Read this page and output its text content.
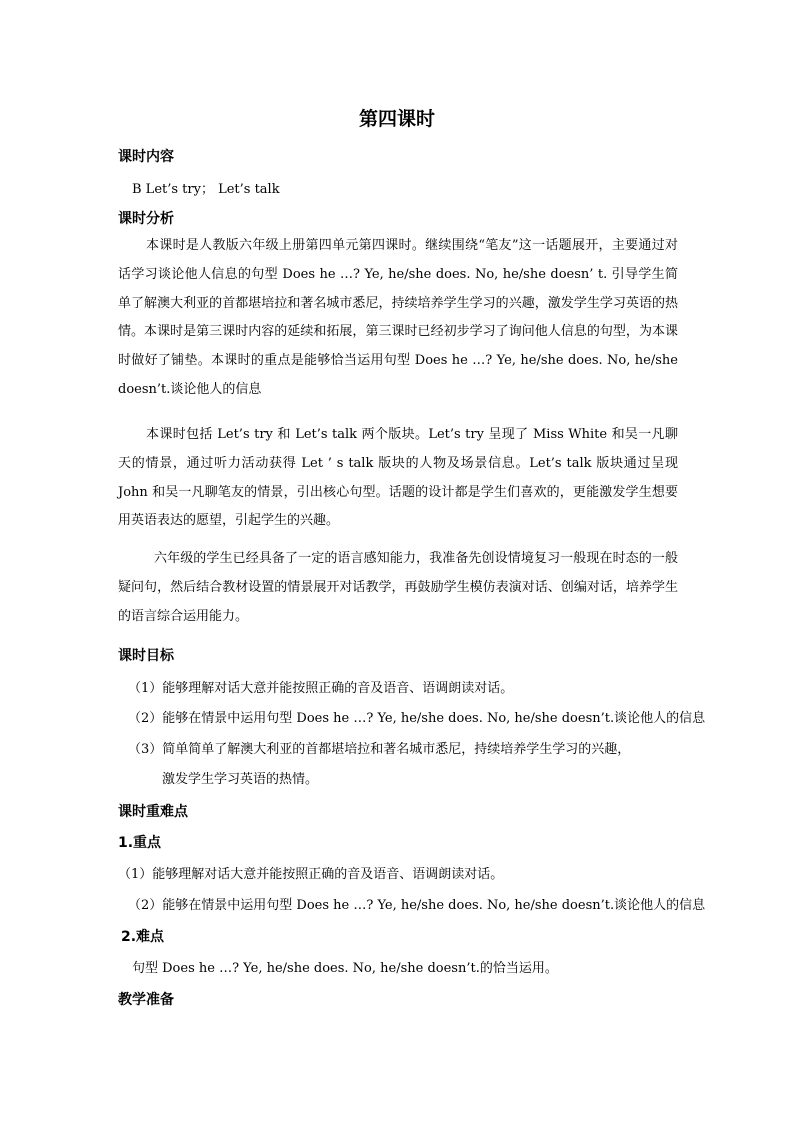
第四课时
课时内容
B Let’s try； Let’s talk
课时分析
本课时是人教版六年级上册第四单元第四课时。继续围绕“笔友”这一话题展开，主要通过对话学习谈论他人信息的句型 Does he …? Ye, he/she does. No, he/she doesn’ t. 引导学生简单了解澳大利亚的首都堪培拉和著名城市悉尼，持续培养学生学习的兴趣，激发学生学习英语的热情。本课时是第三课时内容的延续和拓展，第三课时已经初步学习了询问他人信息的句型，为本课时做好了铺垫。本课时的重点是能够恰当运用句型 Does he …? Ye, he/she does. No, he/she doesn’t.谈论他人的信息
本课时包括 Let’s try 和 Let’s talk 两个版块。Let’s try 呈现了 Miss White 和吴一凡聊天的情景，通过听力活动获得 Let ’ s talk 版块的人物及场景信息。Let’s talk 版块通过呈现 John 和吴一凡聊笔友的情景，引出核心句型。话题的设计都是学生们喜欢的，更能激发学生想要用英语表达的愿望，引起学生的兴趣。
六年级的学生已经具备了一定的语言感知能力，我准备先创设情境复习一般现在时态的一般疑问句，然后结合教材设置的情景展开对话教学，再鼓励学生模仿表演对话、创编对话，培养学生的语言综合运用能力。
课时目标
（1）能够理解对话大意并能按照正确的音及语音、语调朗读对话。
（2）能够在情景中运用句型 Does he …? Ye, he/she does. No, he/she doesn’t.谈论他人的信息
（3）简单简单了解澳大利亚的首都堪培拉和著名城市悉尼，持续培养学生学习的兴趣，
激发学生学习英语的热情。
课时重难点
1.重点
（1）能够理解对话大意并能按照正确的音及语音、语调朗读对话。
（2）能够在情景中运用句型 Does he …? Ye, he/she does. No, he/she doesn’t.谈论他人的信息
2.难点
句型 Does he …? Ye, he/she does. No, he/she doesn’t.的恰当运用。
教学准备
